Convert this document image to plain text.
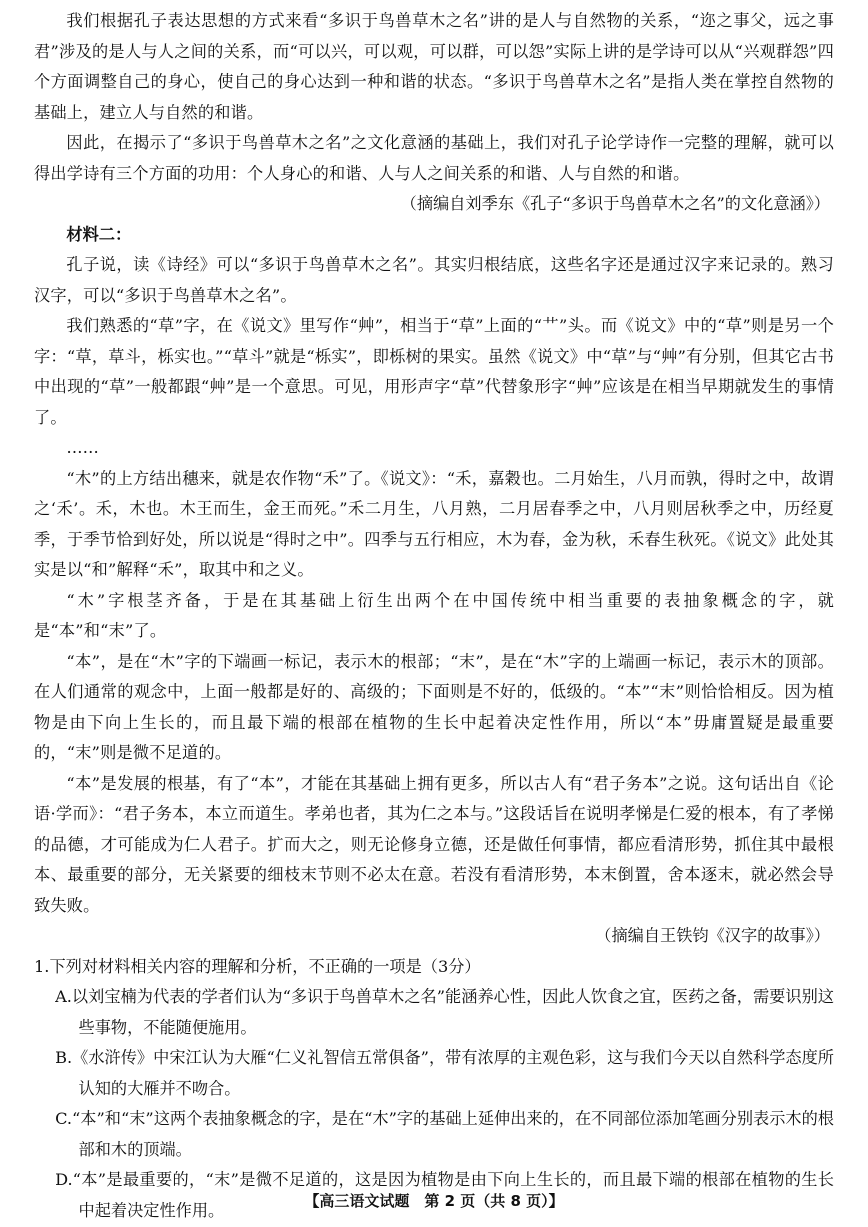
我们根据孔子表达思想的方式来看“多识于鸟兽草木之名”讲的是人与自然物的关系，“迩之事父，远之事君”涉及的是人与人之间的关系，而“可以兴，可以观，可以群，可以怨”实际上讲的是学诗可以从“兴观群怨”四个方面调整自己的身心，使自己的身心达到一种和谐的状态。“多识于鸟兽草木之名”是指人类在掌控自然物的基础上，建立人与自然的和谐。

因此，在揭示了“多识于鸟兽草木之名”之文化意涵的基础上，我们对孔子论学诗作一完整的理解，就可以得出学诗有三个方面的功用：个人身心的和谐、人与人之间关系的和谐、人与自然的和谐。

（摘编自刘季东《孔子“多识于鸟兽草木之名”的文化意涵》）

材料二：

孔子说，读《诗经》可以“多识于鸟兽草木之名”。其实归根结底，这些名字还是通过汉字来记录的。熟习汉字，可以“多识于鸟兽草木之名”。

我们熟悉的“草”字，在《说文》里写作“艸”，相当于“草”上面的“艹”头。而《说文》中的“草”则是另一个字：“草，草斗，栎实也。”“草斗”就是“栎实”，即栎树的果实。虽然《说文》中“草”与“艸”有分别，但其它古书中出现的“草”一般都跟“艸”是一个意思。可见，用形声字“草”代替象形字“艸”应该是在相当早期就发生的事情了。

……

“木”的上方结出穗来，就是农作物“禾”了。《说文》：“禾，嘉穀也。二月始生，八月而孰，得时之中，故谓之‘禾’。禾，木也。木王而生，金王而死。”禾二月生，八月熟，二月居春季之中，八月则居秋季之中，历经夏季，于季节恰到好处，所以说是“得时之中”。四季与五行相应，木为春，金为秋，禾春生秋死。《说文》此处其实是以“和”解释“禾”，取其中和之义。

“木”字根茎齐备，于是在其基础上衍生出两个在中国传统中相当重要的表抽象概念的字，就是“本”和“末”了。

“本”，是在“木”字的下端画一标记，表示木的根部；“末”，是在“木”字的上端画一标记，表示木的顶部。在人们通常的观念中，上面一般都是好的、高级的；下面则是不好的，低级的。“本”“末”则恰恰相反。因为植物是由下向上生长的，而且最下端的根部在植物的生长中起着决定性作用，所以“本”毋庸置疑是最重要的，“末”则是微不足道的。

“本”是发展的根基，有了“本”，才能在其基础上拥有更多，所以古人有“君子务本”之说。这句话出自《论语·学而》：“君子务本，本立而道生。孝弟也者，其为仁之本与。”这段话旨在说明孝悌是仁爱的根本，有了孝悌的品德，才可能成为仁人君子。扩而大之，则无论修身立德，还是做任何事情，都应看清形势，抓住其中最根本、最重要的部分，无关紧要的细枝末节则不必太在意。若没有看清形势，本末倒置，舍本逐末，就必然会导致失败。

（摘编自王铁钧《汉字的故事》）

1.下列对材料相关内容的理解和分析，不正确的一项是（3分）

A.以刘宝楠为代表的学者们认为“多识于鸟兽草木之名”能涵养心性，因此人饮食之宜，医药之备，需要识别这些事物，不能随便施用。

B.《水浒传》中宋江认为大雁“仁义礼智信五常俱备”，带有浓厚的主观色彩，这与我们今天以自然科学态度所认知的大雁并不吻合。

C.“本”和“末”这两个表抽象概念的字，是在“木”字的基础上延伸出来的，在不同部位添加笔画分别表示木的根部和木的顶端。

D.“本”是最重要的，“末”是微不足道的，这是因为植物是由下向上生长的，而且最下端的根部在植物的生长中起着决定性作用。	【高三语文试题　第 2 页（共 8 页）】
